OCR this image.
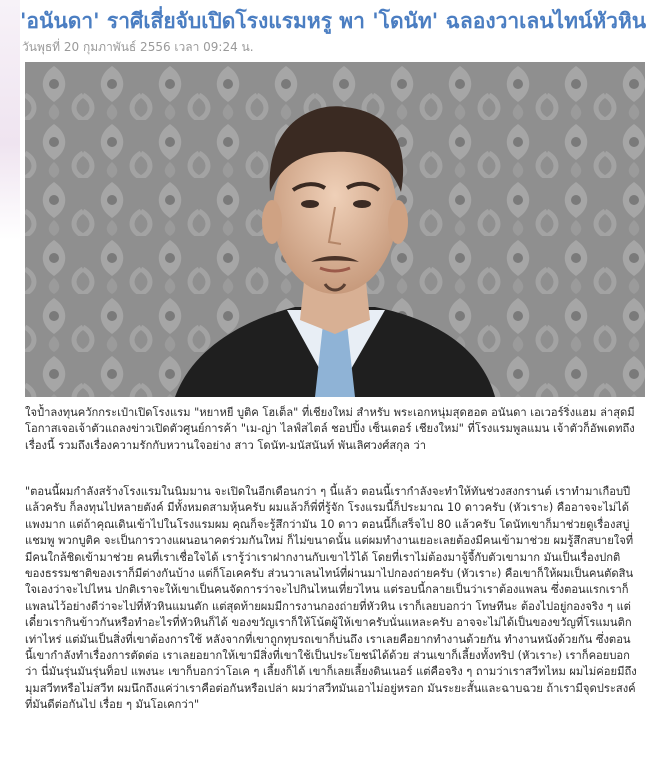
'อนันดา' ราศีเสี่ยจับเปิดโรงแรมหรู พา 'โดนัท' ฉลองวาเลนไทน์หัวหิน
วันพุธที่ 20 กุมภาพันธ์ 2556 เวลา 09:24 น.

ใจป้ำลงทุนควักกระเป๋าเปิดโรงแรม "หยาหยี บูติค โฮเต็ล" ที่เชียงใหม่ สำหรับ พระเอกหนุ่มสุดฮอต อนันดา เอเวอร์ริ่งแฮม ล่าสุดมีโอกาสเจอเจ้าตัวแถลงข่าวเปิดตัวศูนย์การค้า "เม-ญ่า ไลฟ์สไตล์ ชอปปิ้ง เซ็นเตอร์ เชียงใหม่" ที่โรงแรมพูลแมน เจ้าตัวก็อัพเดทถึงเรื่องนี้ รวมถึงเรื่องความรักกับหวานใจอย่าง สาว โดนัท-มนัสนันท์ พันเลิศวงศ์สกุล ว่า

"ตอนนี้ผมกำลังสร้างโรงแรมในนิมมาน จะเปิดในอีกเดือนกว่า ๆ นี้แล้ว ตอนนี้เรากำลังจะทำให้ทันช่วงสงกรานต์ เราทำมาเกือบปีแล้วครับ ก็ลงทุนไปหลายตังค์ มีทั้งหมดสามหุ้นครับ ผมแล้วก็พี่ที่รู้จัก โรงแรมนี้ก็ประมาณ 10 ดาวครับ (หัวเราะ) คืออาจจะไม่ได้แพงมาก แต่ถ้าคุณเดินเข้าไปในโรงแรมผม คุณก็จะรู้สึกว่ามัน 10 ดาว ตอนนี้ก็เสร็จไป 80 แล้วครับ โดนัทเขาก็มาช่วยดูเรื่องสบู่ แชมพู พวกบูติค จะเป็นการวางแผนอนาคตร่วมกันใหม่ ก็ไม่ขนาดนั้น แต่ผมทำงานเยอะเลยต้องมีคนเข้ามาช่วย ผมรู้สึกสบายใจที่มีคนใกล้ชิดเข้ามาช่วย คนที่เราเชื่อใจได้ เรารู้ว่าเราฝากงานกับเขาไว้ได้ โดยที่เราไม่ต้องมาจู้จี้กับตัวเขามาก มันเป็นเรื่องปกติของธรรมชาติของเราก็มีต่างกันบ้าง แต่ก็โอเคครับ ส่วนวาเลนไทน์ที่ผ่านมาไปกองถ่ายครับ (หัวเราะ) คือเขาก็ให้ผมเป็นคนตัดสินใจเองว่าจะไปไหน ปกติเราจะให้เขาเป็นคนจัดการว่าจะไปกินไหนเที่ยวไหน แต่รอบนี้กลายเป็นว่าเราต้องแพลน ซึ่งตอนแรกเราก็แพลนไว้อย่างดีว่าจะไปที่หัวหินแมนดัก แต่สุดท้ายผมมีการงานกองถ่ายที่หัวหิน เราก็เลยบอกว่า โทษทีนะ ต้องไปอยู่กองจริง ๆ แต่เดี๋ยวเรากินข้าวกันหรือทำอะไรที่หัวหินก็ได้ ของขวัญเราก็ให้โน้ตผู้ให้เขาครับนั่นแหละครับ อาจจะไม่ได้เป็นของขวัญที่โรแมนติกเท่าไหร่ แต่มันเป็นสิ่งที่เขาต้องการใช้ หลังจากที่เขาถูกทุบรถเขาก็บ่นถึง เราเลยคือยากทำงานด้วยกัน ทำงานหนังด้วยกัน ซึ่งตอนนี้เขากำลังทำเรื่องการตัดต่อ เราเลยอยากให้เขามีสิ่งที่เขาใช้เป็นประโยชน์ได้ด้วย ส่วนเขาก็เลี้ยงทั้งทริป (หัวเราะ) เราก็คอยบอกว่า นี่มันรุ่นมันรุ่นท็อป แพงนะ เขาก็บอกว่าโอเค ๆ เลี้ยงก็ได้ เขาก็เลยเลี้ยงดินเนอร์ แต่คือจริง ๆ ถามว่าเราสวีทไหม ผมไม่ค่อยมีถึงมุมสวีทหรือไม่สวีท ผมนึกถึงแค่ว่าเราคือต่อกันหรือเปล่า ผมว่าสวีทมันเอาไม่อยู่หรอก มันระยะสั้นและฉาบฉวย ถ้าเรามีจุดประสงค์ที่มันดีต่อกันไป เรื่อย ๆ มันโอเคกว่า"
